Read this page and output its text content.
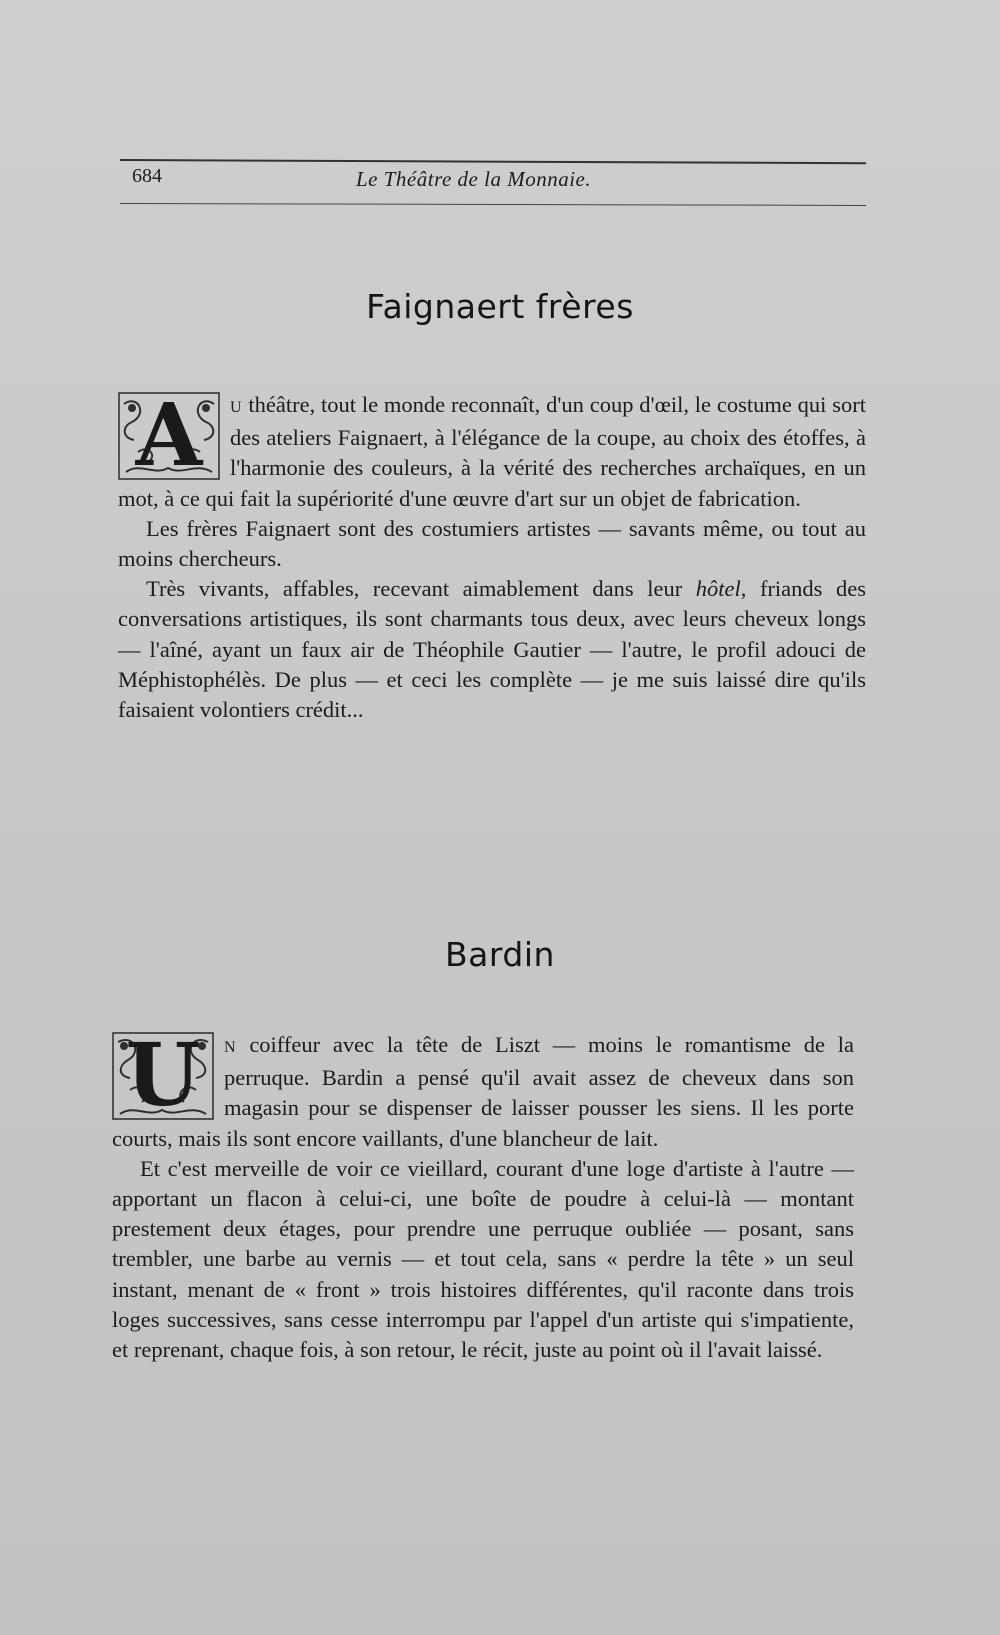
684	Le Théâtre de la Monnaie.
Faignaert frères

A	U théâtre, tout le monde reconnaît, d'un coup d'œil, le costume qui sort des ateliers Faignaert, à l'élégance de la coupe, au choix des étoffes, à l'harmonie des couleurs, à la vérité des recherches archaïques, en un mot, à ce qui fait la supériorité d'une œuvre d'art sur un objet de fabrication.

Les frères Faignaert sont des costumiers artistes — savants même, ou tout au moins chercheurs.

Très vivants, affables, recevant aimablement dans leur hôtel, friands des conversations artistiques, ils sont charmants tous deux, avec leurs cheveux longs — l'aîné, ayant un faux air de Théophile Gautier — l'autre, le profil adouci de Méphistophélès. De plus — et ceci les complète — je me suis laissé dire qu'ils faisaient volontiers crédit...

Bardin

U	N coiffeur avec la tête de Liszt — moins le romantisme de la perruque. Bardin a pensé qu'il avait assez de cheveux dans son magasin pour se dispenser de laisser pousser les siens. Il les porte courts, mais ils sont encore vaillants, d'une blancheur de lait.

Et c'est merveille de voir ce vieillard, courant d'une loge d'artiste à l'autre — apportant un flacon à celui-ci, une boîte de poudre à celui-là — montant prestement deux étages, pour prendre une perruque oubliée — posant, sans trembler, une barbe au vernis — et tout cela, sans « perdre la tête » un seul instant, menant de « front » trois histoires différentes, qu'il raconte dans trois loges successives, sans cesse interrompu par l'appel d'un artiste qui s'impatiente, et reprenant, chaque fois, à son retour, le récit, juste au point où il l'avait laissé.
